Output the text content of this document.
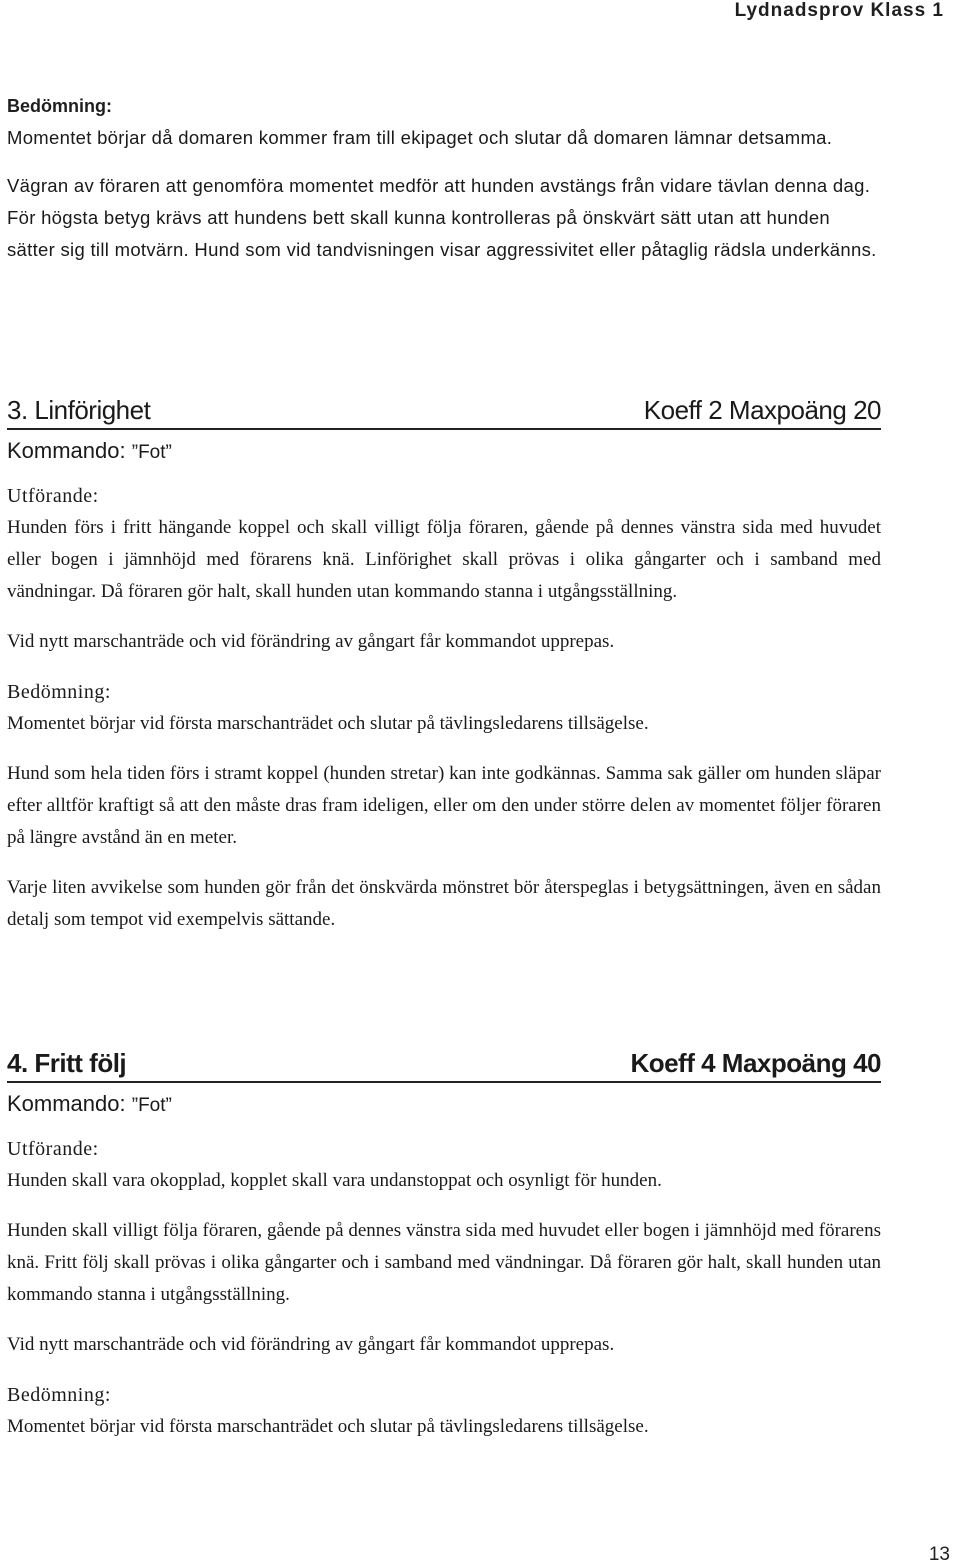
Lydnadsprov Klass 1
Bedömning:

Momentet börjar då domaren kommer fram till ekipaget och slutar då domaren lämnar detsamma.

Vägran av föraren att genomföra momentet medför att hunden avstängs från vidare tävlan denna dag. För högsta betyg krävs att hundens bett skall kunna kontrolleras på önskvärt sätt utan att hunden sätter sig till motvärn. Hund som vid tandvisningen visar aggressivitet eller påtaglig rädsla underkänns.

3. Linförighet	Koeff 2 Maxpoäng 20
Kommando: ”Fot”
Utförande:

Hunden förs i fritt hängande koppel och skall villigt följa föraren, gående på dennes vänstra sida med huvudet eller bogen i jämnhöjd med förarens knä. Linförighet skall prövas i olika gångarter och i samband med vändningar. Då föraren gör halt, skall hunden utan kommando stanna i utgångsställning.

Vid nytt marschanträde och vid förändring av gångart får kommandot upprepas.

Bedömning:

Momentet börjar vid första marschanträdet och slutar på tävlingsledarens tillsägelse.

Hund som hela tiden förs i stramt koppel (hunden stretar) kan inte godkännas. Samma sak gäller om hunden släpar efter alltför kraftigt så att den måste dras fram ideligen, eller om den under större delen av momentet följer föraren på längre avstånd än en meter.

Varje liten avvikelse som hunden gör från det önskvärda mönstret bör återspeglas i betygsättningen, även en sådan detalj som tempot vid exempelvis sättande.

4. Fritt följ	Koeff 4 Maxpoäng 40
Kommando: ”Fot”
Utförande:

Hunden skall vara okopplad, kopplet skall vara undanstoppat och osynligt för hunden.

Hunden skall villigt följa föraren, gående på dennes vänstra sida med huvudet eller bogen i jämnhöjd med förarens knä. Fritt följ skall prövas i olika gångarter och i samband med vändningar. Då föraren gör halt, skall hunden utan kommando stanna i utgångsställning.

Vid nytt marschanträde och vid förändring av gångart får kommandot upprepas.

Bedömning:

Momentet börjar vid första marschanträdet och slutar på tävlingsledarens tillsägelse.

13
